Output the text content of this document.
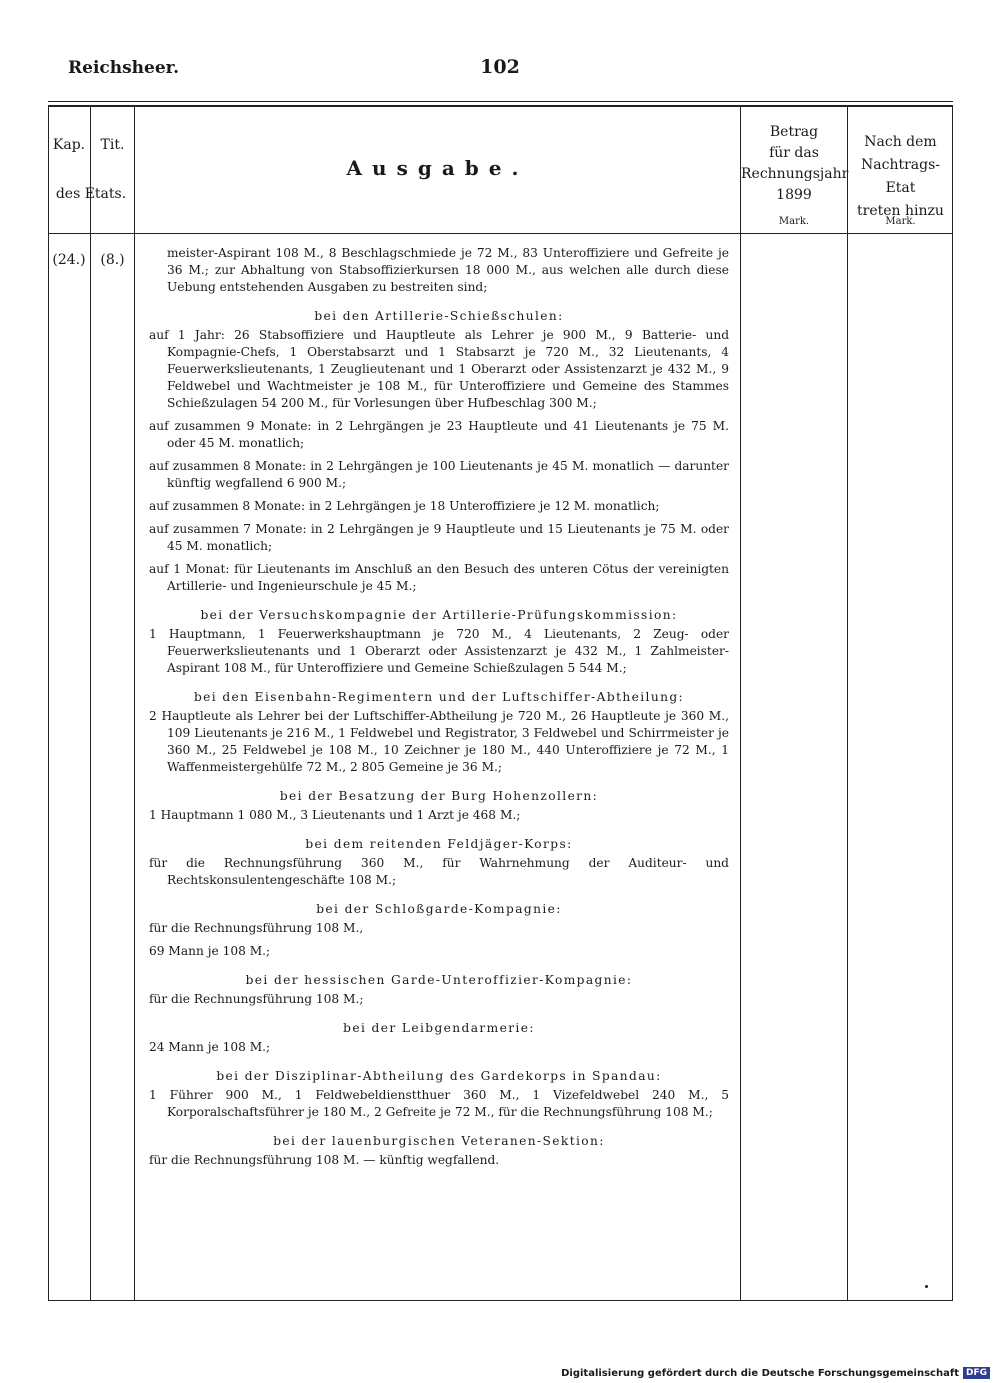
Reichsheer.	102
Kap.	Tit.
des Etats.
Ausgabe.
Betrag
für das
Rechnungsjahr
1899
Nach dem
Nachtrags-Etat
treten hinzu
Mark.	Mark.
(24.)	(8.)	meister-Aspirant 108 M., 8 Beschlagschmiede je 72 M., 83 Unteroffiziere und Gefreite je 36 M.; zur Abhaltung von Stabsoffizierkursen 18 000 M., aus welchen alle durch diese Uebung entstehenden Ausgaben zu bestreiten sind;

bei den Artillerie-Schießschulen:

auf 1 Jahr: 26 Stabsoffiziere und Hauptleute als Lehrer je 900 M., 9 Batterie- und Kompagnie-Chefs, 1 Oberstabsarzt und 1 Stabsarzt je 720 M., 32 Lieutenants, 4 Feuerwerkslieutenants, 1 Zeuglieutenant und 1 Oberarzt oder Assistenzarzt je 432 M., 9 Feldwebel und Wachtmeister je 108 M., für Unteroffiziere und Gemeine des Stammes Schießzulagen 54 200 M., für Vorlesungen über Hufbeschlag 300 M.;

auf zusammen 9 Monate: in 2 Lehrgängen je 23 Hauptleute und 41 Lieutenants je 75 M. oder 45 M. monatlich;

auf zusammen 8 Monate: in 2 Lehrgängen je 100 Lieutenants je 45 M. monatlich — darunter künftig wegfallend 6 900 M.;

auf zusammen 8 Monate: in 2 Lehrgängen je 18 Unteroffiziere je 12 M. monatlich;

auf zusammen 7 Monate: in 2 Lehrgängen je 9 Hauptleute und 15 Lieutenants je 75 M. oder 45 M. monatlich;

auf 1 Monat: für Lieutenants im Anschluß an den Besuch des unteren Cötus der vereinigten Artillerie- und Ingenieurschule je 45 M.;

bei der Versuchskompagnie der Artillerie-Prüfungskommission:

1 Hauptmann, 1 Feuerwerkshauptmann je 720 M., 4 Lieutenants, 2 Zeug- oder Feuerwerkslieutenants und 1 Oberarzt oder Assistenzarzt je 432 M., 1 Zahlmeister-Aspirant 108 M., für Unteroffiziere und Gemeine Schießzulagen 5 544 M.;

bei den Eisenbahn-Regimentern und der Luftschiffer-Abtheilung:

2 Hauptleute als Lehrer bei der Luftschiffer-Abtheilung je 720 M., 26 Hauptleute je 360 M., 109 Lieutenants je 216 M., 1 Feldwebel und Registrator, 3 Feldwebel und Schirrmeister je 360 M., 25 Feldwebel je 108 M., 10 Zeichner je 180 M., 440 Unteroffiziere je 72 M., 1 Waffenmeistergehülfe 72 M., 2 805 Gemeine je 36 M.;

bei der Besatzung der Burg Hohenzollern:

1 Hauptmann 1 080 M., 3 Lieutenants und 1 Arzt je 468 M.;

bei dem reitenden Feldjäger-Korps:

für die Rechnungsführung 360 M., für Wahrnehmung der Auditeur- und Rechtskonsulentengeschäfte 108 M.;

bei der Schloßgarde-Kompagnie:

für die Rechnungsführung 108 M.,

69 Mann je 108 M.;

bei der hessischen Garde-Unteroffizier-Kompagnie:

für die Rechnungsführung 108 M.;

bei der Leibgendarmerie:

24 Mann je 108 M.;

bei der Disziplinar-Abtheilung des Gardekorps in Spandau:

1 Führer 900 M., 1 Feldwebeldienstthuer 360 M., 1 Vizefeldwebel 240 M., 5 Korporalschaftsführer je 180 M., 2 Gefreite je 72 M., für die Rechnungsführung 108 M.;

bei der lauenburgischen Veteranen-Sektion:

für die Rechnungsführung 108 M. — künftig wegfallend.

Digitalisierung gefördert durch die Deutsche Forschungsgemeinschaft DFG
